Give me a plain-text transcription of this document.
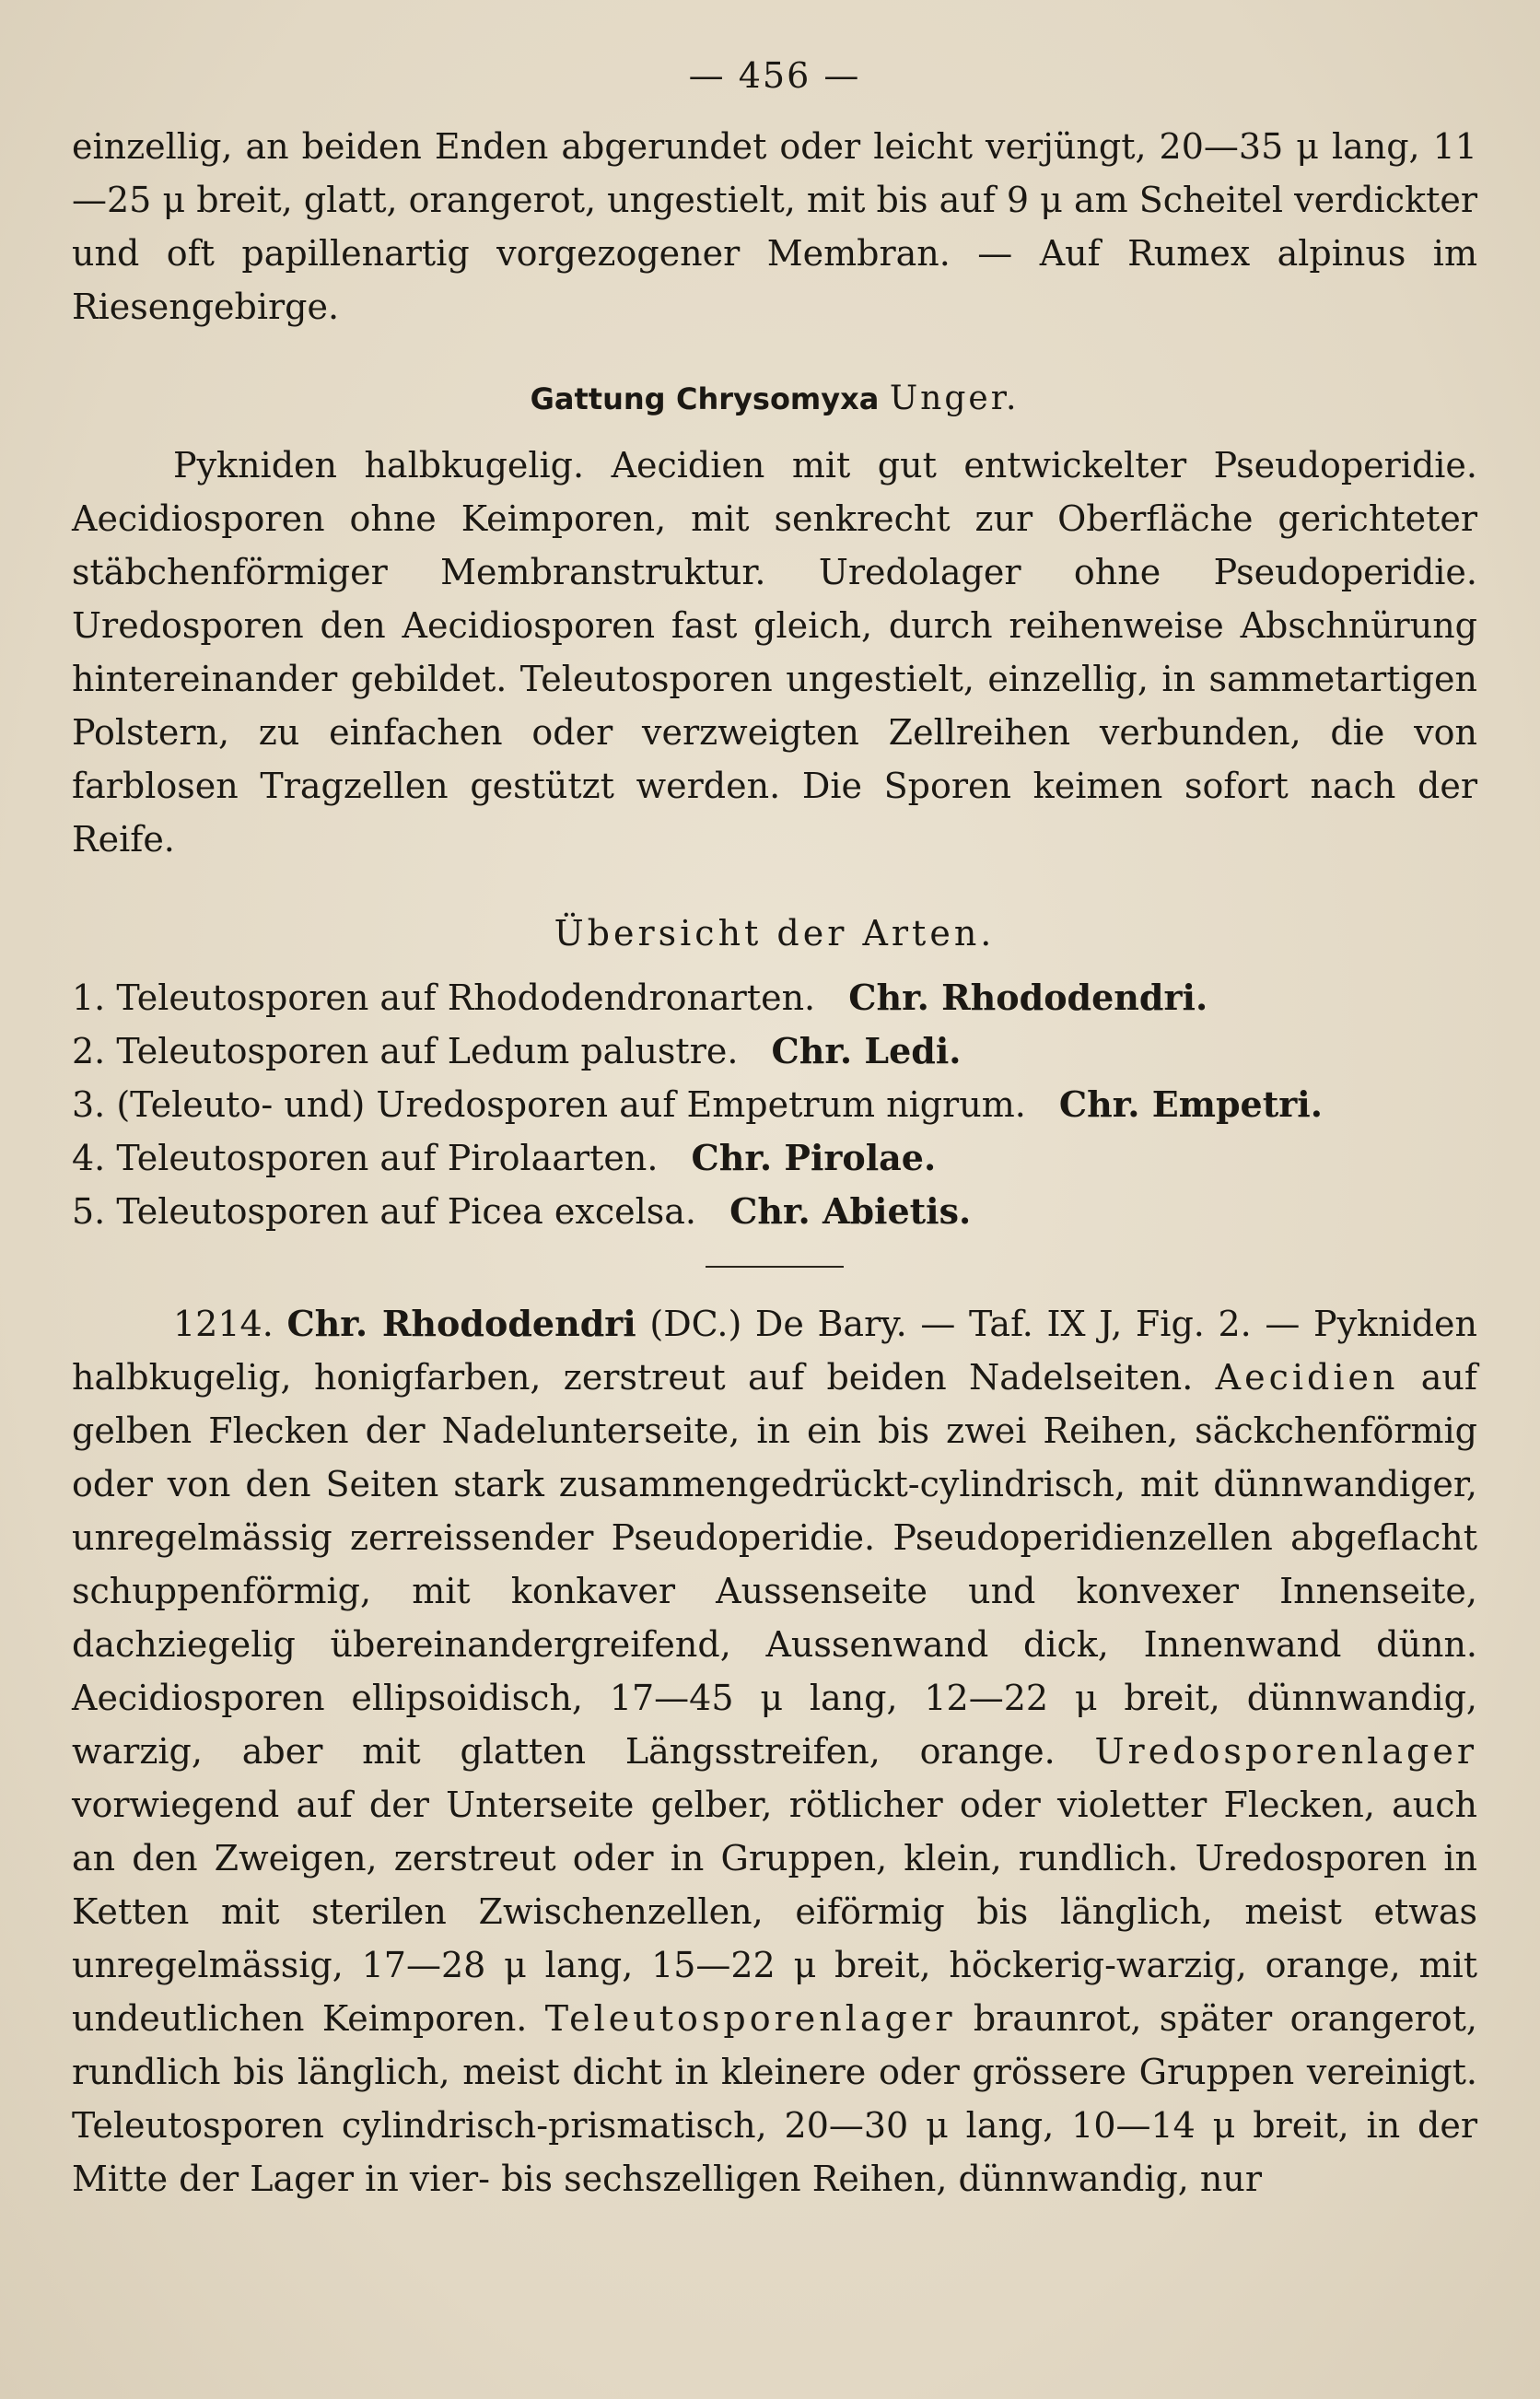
— 456 —

einzellig, an beiden Enden abgerundet oder leicht verjüngt, 20—35 μ lang, 11—25 μ breit, glatt, orangerot, ungestielt, mit bis auf 9 μ am Scheitel verdickter und oft papillenartig vorgezogener Membran. — Auf Rumex alpinus im Riesengebirge.

Gattung Chrysomyxa Unger.

Pykniden halbkugelig. Aecidien mit gut entwickelter Pseudoperidie. Aecidiosporen ohne Keimporen, mit senkrecht zur Oberfläche gerichteter stäbchenförmiger Membranstruktur. Uredolager ohne Pseudoperidie. Uredosporen den Aecidiosporen fast gleich, durch reihenweise Abschnürung hintereinander gebildet. Teleutosporen ungestielt, einzellig, in sammetartigen Polstern, zu einfachen oder verzweigten Zellreihen verbunden, die von farblosen Tragzellen gestützt werden. Die Sporen keimen sofort nach der Reife.

Übersicht der Arten.
1. Teleutosporen auf Rhododendronarten. Chr. Rhododendri.
2. Teleutosporen auf Ledum palustre. Chr. Ledi.
3. (Teleuto- und) Uredosporen auf Empetrum nigrum. Chr. Empetri.
4. Teleutosporen auf Pirolaarten. Chr. Pirolae.
5. Teleutosporen auf Picea excelsa. Chr. Abietis.

1214. Chr. Rhododendri (DC.) De Bary. — Taf. IX J, Fig. 2. — Pykniden halbkugelig, honigfarben, zerstreut auf beiden Nadelseiten. Aecidien auf gelben Flecken der Nadelunterseite, in ein bis zwei Reihen, säckchenförmig oder von den Seiten stark zusammengedrückt-cylindrisch, mit dünnwandiger, unregelmässig zerreissender Pseudoperidie. Pseudoperidienzellen abgeflacht schuppenförmig, mit konkaver Aussenseite und konvexer Innenseite, dachziegelig übereinandergreifend, Aussenwand dick, Innenwand dünn. Aecidiosporen ellipsoidisch, 17—45 μ lang, 12—22 μ breit, dünnwandig, warzig, aber mit glatten Längsstreifen, orange. Uredosporenlager vorwiegend auf der Unterseite gelber, rötlicher oder violetter Flecken, auch an den Zweigen, zerstreut oder in Gruppen, klein, rundlich. Uredosporen in Ketten mit sterilen Zwischenzellen, eiförmig bis länglich, meist etwas unregelmässig, 17—28 μ lang, 15—22 μ breit, höckerig-warzig, orange, mit undeutlichen Keimporen. Teleutosporenlager braunrot, später orangerot, rundlich bis länglich, meist dicht in kleinere oder grössere Gruppen vereinigt. Teleutosporen cylindrisch-prismatisch, 20—30 μ lang, 10—14 μ breit, in der Mitte der Lager in vier- bis sechszelligen Reihen, dünnwandig, nur
